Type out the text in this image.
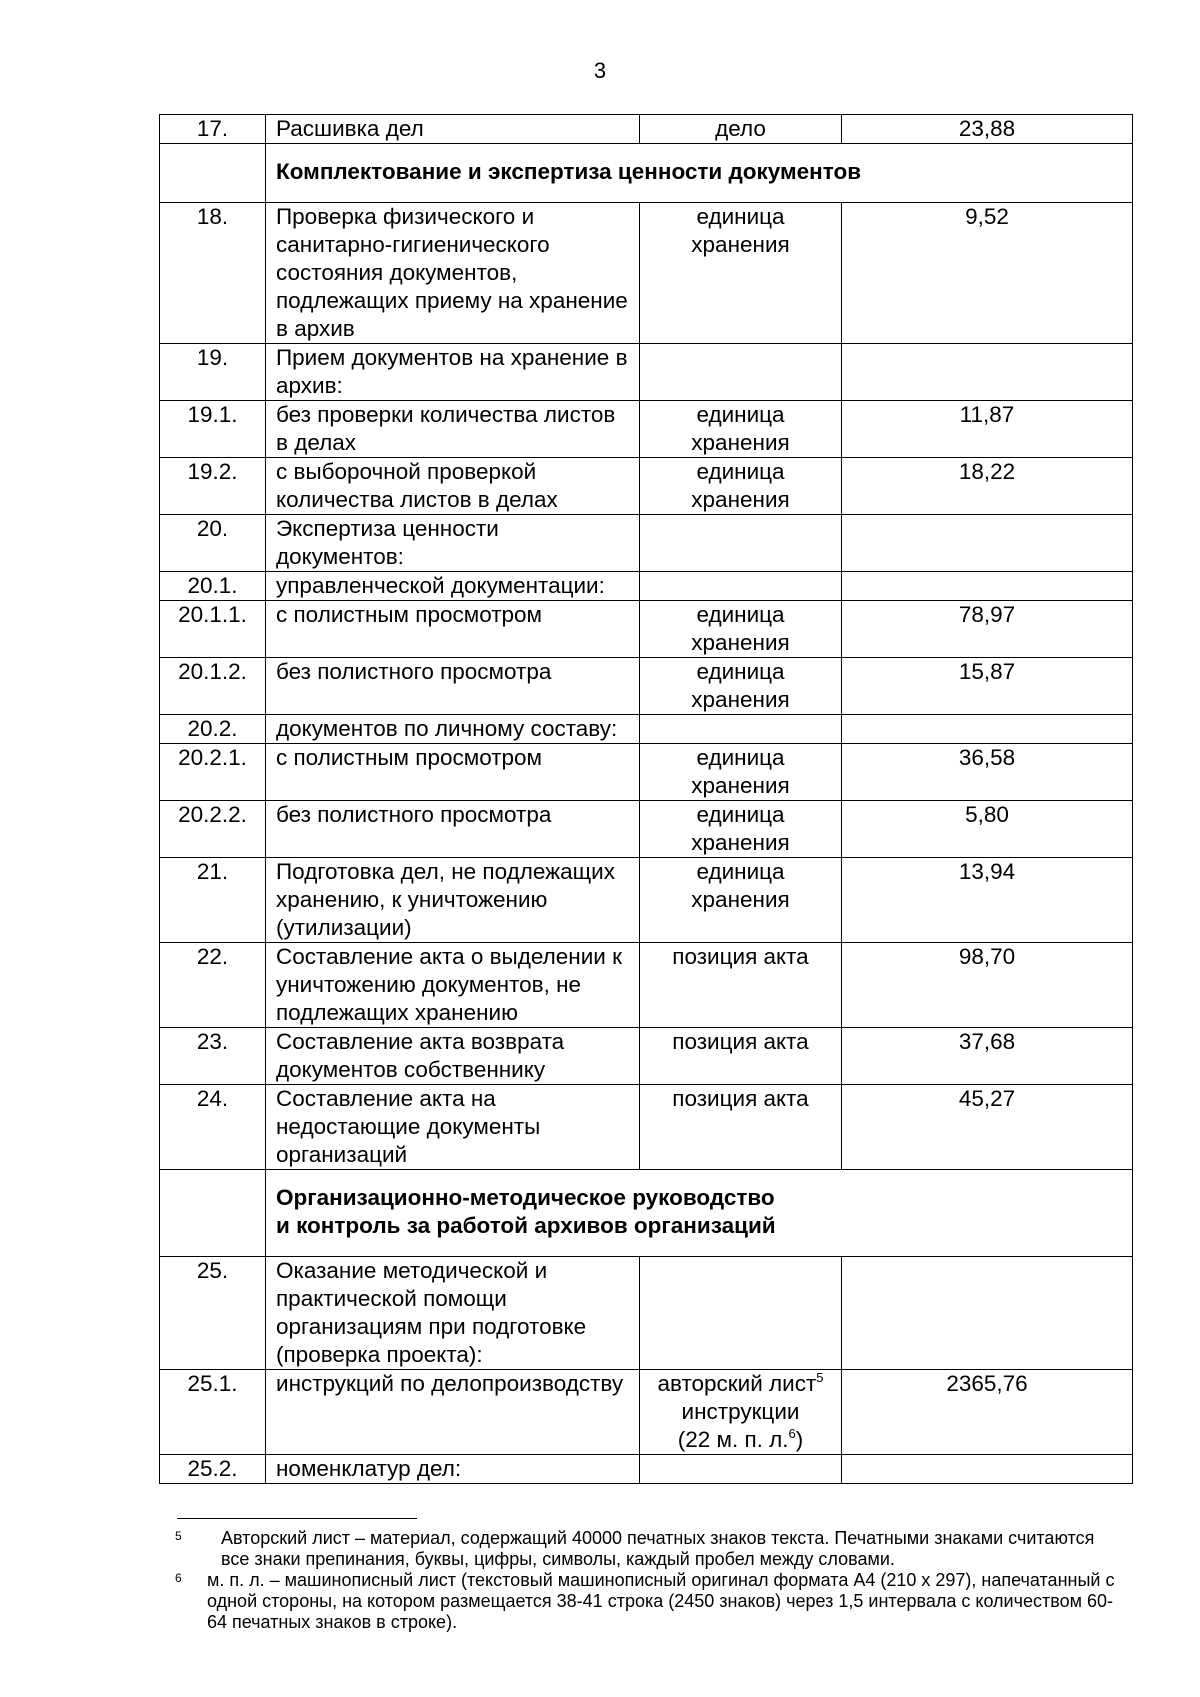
3
17.	Расшивка дел	дело	23,88

	Комплектование и экспертиза ценности документов		

18.	Проверка физического и санитарно-гигиенического состояния документов, подлежащих приему на хранение в архив	единица хранения	9,52
19.	Прием документов на хранение в архив:		
19.1.	без проверки количества листов в делах	единица хранения	11,87
19.2.	с выборочной проверкой количества листов в делах	единица хранения	18,22
20.	Экспертиза ценности документов:		
20.1.	управленческой документации:		
20.1.1.	с полистным просмотром	единица хранения	78,97
20.1.2.	без полистного просмотра	единица хранения	15,87
20.2.	документов по личному составу:		
20.2.1.	с полистным просмотром	единица хранения	36,58
20.2.2.	без полистного просмотра	единица хранения	5,80
21.	Подготовка дел, не подлежащих хранению, к уничтожению (утилизации)	единица хранения	13,94
22.	Составление акта о выделении к уничтожению документов, не подлежащих хранению	позиция акта	98,70
23.	Составление акта возврата документов собственнику	позиция акта	37,68
24.	Составление акта на недостающие документы организаций	позиция акта	45,27

	Организационно-методическое руководство
и контроль за работой архивов организаций		

25.	Оказание методической и практической помощи организациям при подготовке (проверка проекта):		
25.1.	инструкций по делопроизводству	авторский лист$^5$
инструкции
(22 м. п. л.$^6$)	2365,76
25.2.	номенклатур дел:		
5	Авторский лист – материал, содержащий 40000 печатных знаков текста. Печатными знаками считаются все знаки препинания, буквы, цифры, символы, каждый пробел между словами.
6 м. п. л. – машинописный лист (текстовый машинописный оригинал формата А4 (210 х 297), напечатанный с одной стороны, на котором размещается 38-41 строка (2450 знаков) через 1,5 интервала с количеством 60-64 печатных знаков в строке).
